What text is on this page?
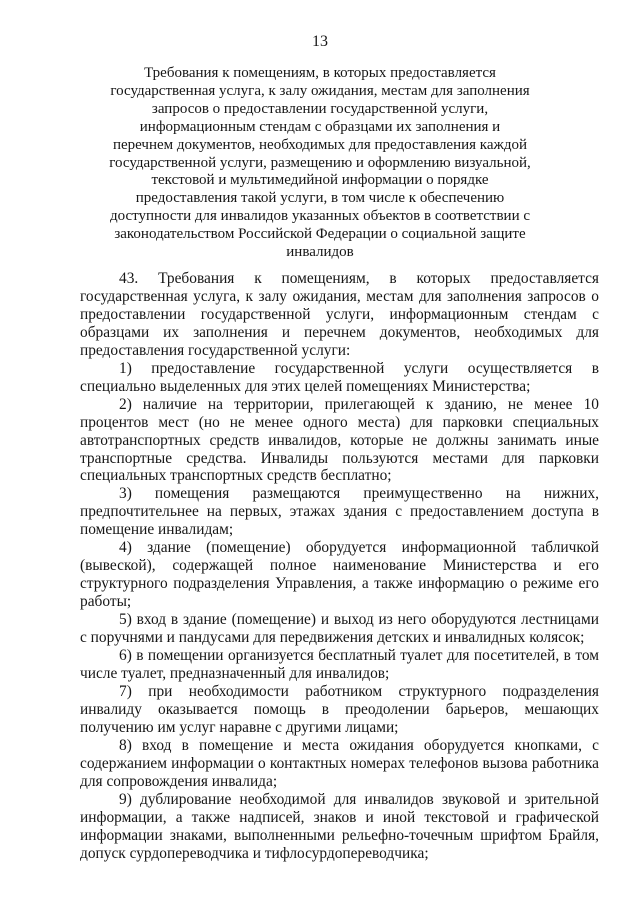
13
Требования к помещениям, в которых предоставляется
государственная услуга, к залу ожидания, местам для заполнения
запросов о предоставлении государственной услуги,
информационным стендам с образцами их заполнения и
перечнем документов, необходимых для предоставления каждой
государственной услуги, размещению и оформлению визуальной,
текстовой и мультимедийной информации о порядке
предоставления такой услуги, в том числе к обеспечению
доступности для инвалидов указанных объектов в соответствии с
законодательством Российской Федерации о социальной защите
инвалидов

43. Требования к помещениям, в которых предоставляется государственная услуга, к залу ожидания, местам для заполнения запросов о предоставлении государственной услуги, информационным стендам с образцами их заполнения и перечнем документов, необходимых для предоставления государственной услуги:

1) предоставление государственной услуги осуществляется в специально выделенных для этих целей помещениях Министерства;

2) наличие на территории, прилегающей к зданию, не менее 10 процентов мест (но не менее одного места) для парковки специальных автотранспортных средств инвалидов, которые не должны занимать иные транспортные средства. Инвалиды пользуются местами для парковки специальных транспортных средств бесплатно;

3) помещения размещаются преимущественно на нижних, предпочтительнее на первых, этажах здания с предоставлением доступа в помещение инвалидам;

4) здание (помещение) оборудуется информационной табличкой (вывеской), содержащей полное наименование Министерства и его структурного подразделения Управления, а также информацию о режиме его работы;

5) вход в здание (помещение) и выход из него оборудуются лестницами с поручнями и пандусами для передвижения детских и инвалидных колясок;

6) в помещении организуется бесплатный туалет для посетителей, в том числе туалет, предназначенный для инвалидов;

7) при необходимости работником структурного подразделения инвалиду оказывается помощь в преодолении барьеров, мешающих получению им услуг наравне с другими лицами;

8) вход в помещение и места ожидания оборудуется кнопками, с содержанием информации о контактных номерах телефонов вызова работника для сопровождения инвалида;

9) дублирование необходимой для инвалидов звуковой и зрительной информации, а также надписей, знаков и иной текстовой и графической информации знаками, выполненными рельефно-точечным шрифтом Брайля, допуск сурдопереводчика и тифлосурдопереводчика;
